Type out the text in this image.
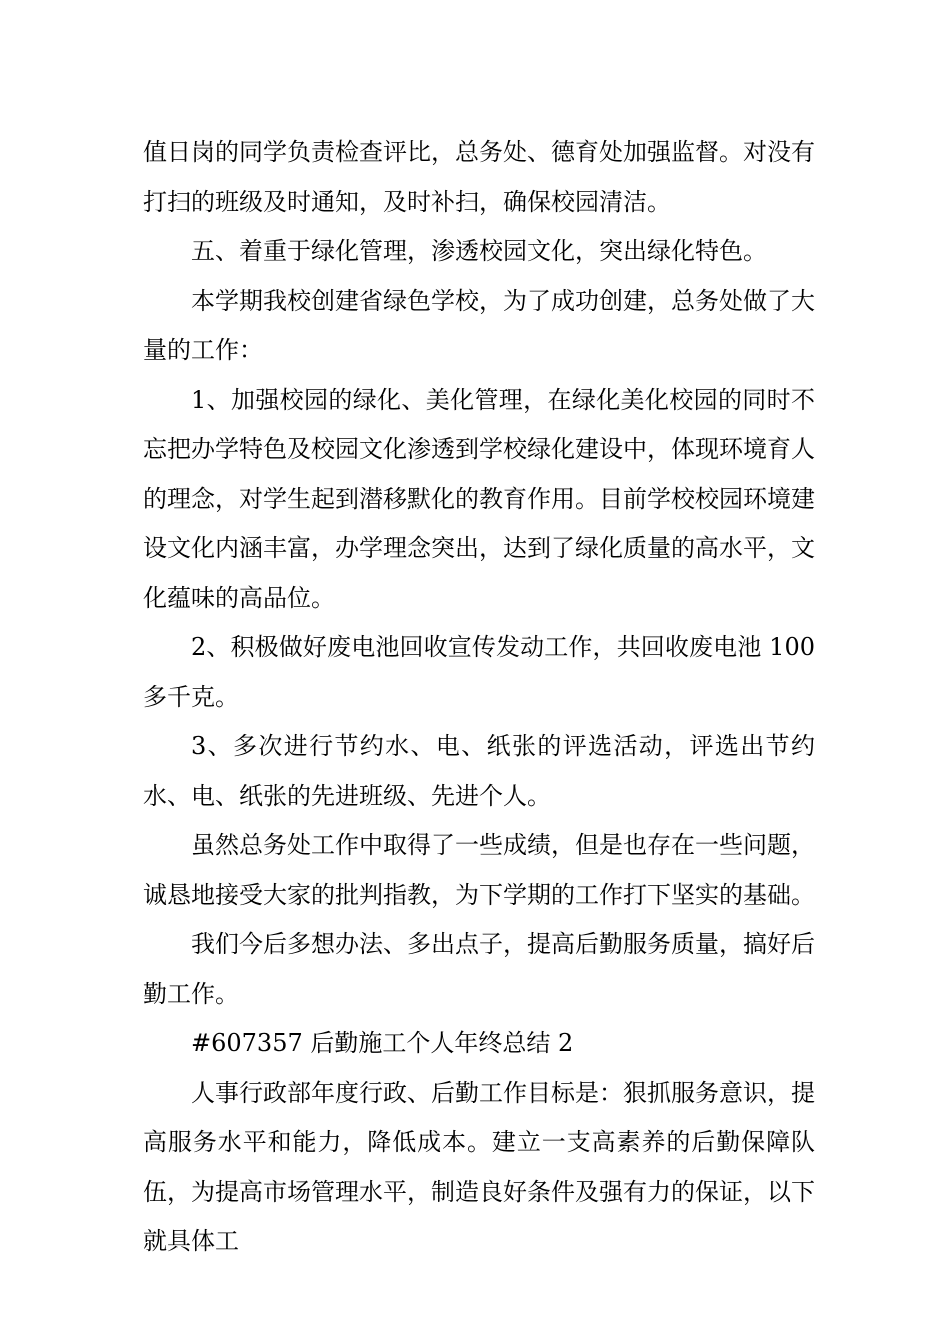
值日岗的同学负责检查评比，总务处、德育处加强监督。对没有打扫的班级及时通知，及时补扫，确保校园清洁。

五、着重于绿化管理，渗透校园文化，突出绿化特色。

本学期我校创建省绿色学校，为了成功创建，总务处做了大量的工作：

1、加强校园的绿化、美化管理，在绿化美化校园的同时不忘把办学特色及校园文化渗透到学校绿化建设中，体现环境育人的理念，对学生起到潜移默化的教育作用。目前学校校园环境建设文化内涵丰富，办学理念突出，达到了绿化质量的高水平，文化蕴味的高品位。

2、积极做好废电池回收宣传发动工作，共回收废电池 100 多千克。

3、多次进行节约水、电、纸张的评选活动，评选出节约水、电、纸张的先进班级、先进个人。

虽然总务处工作中取得了一些成绩，但是也存在一些问题，诚恳地接受大家的批判指教，为下学期的工作打下坚实的基础。

我们今后多想办法、多出点子，提高后勤服务质量，搞好后勤工作。

#607357 后勤施工个人年终总结 2

人事行政部年度行政、后勤工作目标是：狠抓服务意识，提高服务水平和能力，降低成本。建立一支高素养的后勤保障队伍，为提高市场管理水平，制造良好条件及强有力的保证，以下就具体工
